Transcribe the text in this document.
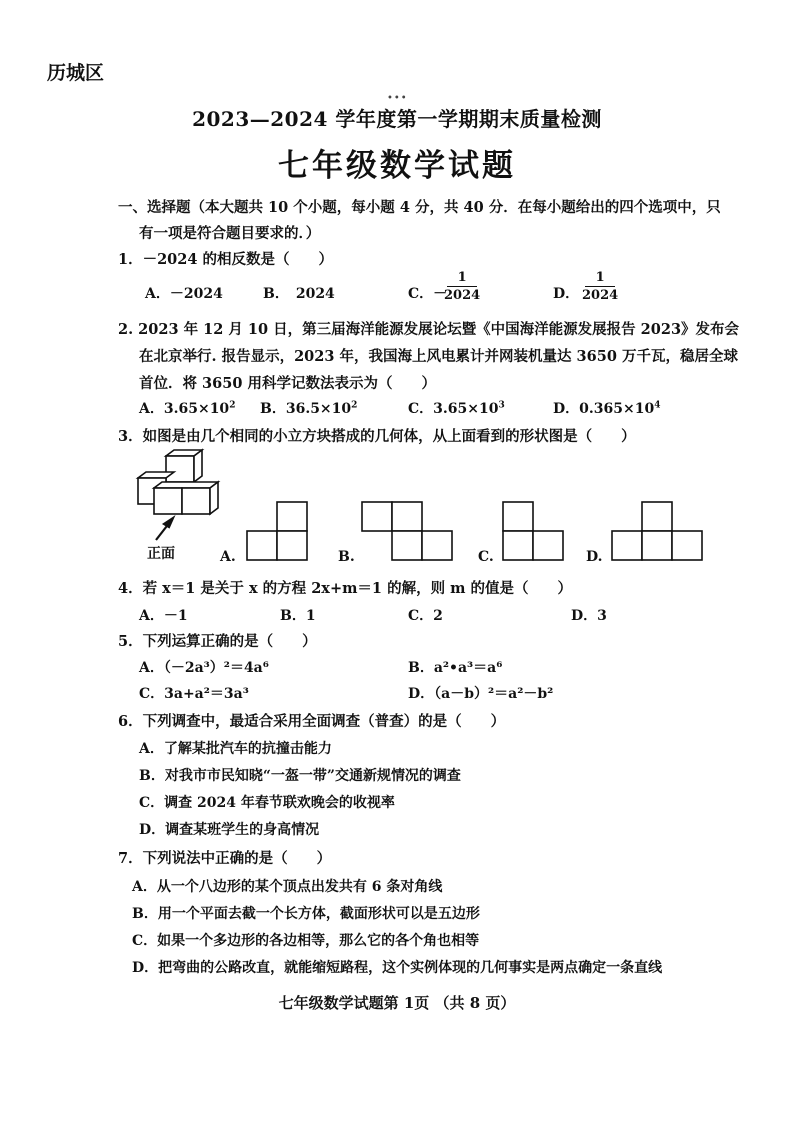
历城区
•••
2023—2024 学年度第一学期期末质量检测
七年级数学试题
一、选择题（本大题共 10 个小题，每小题 4 分，共 40 分．在每小题给出的四个选项中，只
有一项是符合题目要求的．）
1．－2024 的相反数是（　　）
A．－2024	B．　2024	C．－
1
2024	D．
1
2024
2. 2023 年 12 月 10 日，第三届海洋能源发展论坛暨《中国海洋能源发展报告 2023》发布会
在北京举行. 报告显示，2023 年，我国海上风电累计并网装机量达 3650 万千瓦，稳居全球
首位．将 3650 用科学记数法表示为（　　）
A．$3.65\times 10^2$ B．$36.5\times 10^2$	C．$3.65\times 10^3$	D．$0.365\times 10^4$
3．如图是由几个相同的小立方块搭成的几何体，从上面看到的形状图是（　　）
正面	A.	B.	C.	D.
4．若 x＝1 是关于 x 的方程 2x+m＝1 的解，则 m 的值是（　　）
A．－1	B．1	C．2	D．3
5．下列运算正确的是（　　）
A．（－2a³）²＝4a⁶	B．a²•a³＝a⁶
C．3a+a²＝3a³	D．（a－b）²＝a²－b²
6．下列调查中，最适合采用全面调查（普查）的是（　　）
A．了解某批汽车的抗撞击能力
B．对我市市民知晓“一盔一带”交通新规情况的调查
C．调查 2024 年春节联欢晚会的收视率
D．调查某班学生的身高情况
7．下列说法中正确的是（　　）
A．从一个八边形的某个顶点出发共有 6 条对角线
B．用一个平面去截一个长方体，截面形状可以是五边形
C．如果一个多边形的各边相等，那么它的各个角也相等
D．把弯曲的公路改直，就能缩短路程，这个实例体现的几何事实是两点确定一条直线
七年级数学试题第 1页 （共 8 页）
